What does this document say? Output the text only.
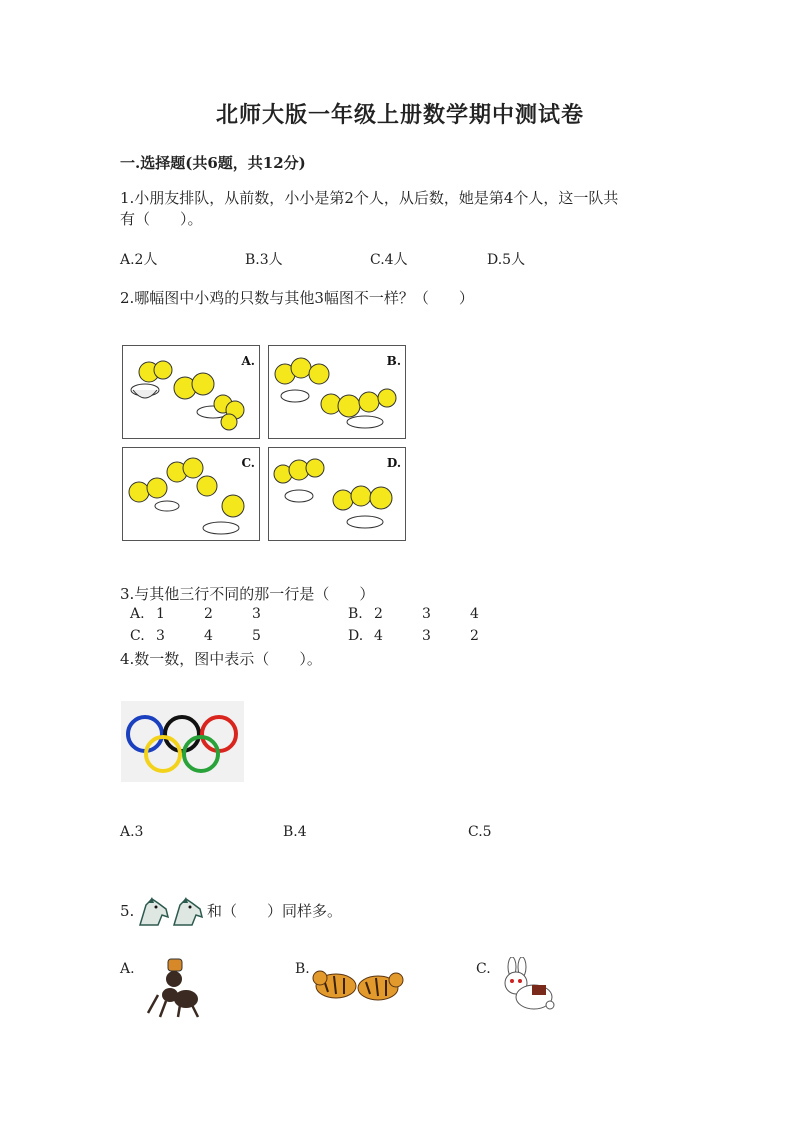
北师大版一年级上册数学期中测试卷
一.选择题(共6题，共12分)
1.小朋友排队，从前数，小小是第2个人，从后数，她是第4个人，这一队共
有（　　）。
A.2人	B.3人	C.4人	D.5人
2.哪幅图中小鸡的只数与其他3幅图不一样？（　　）
A.	B.
C.	D.
3.与其他三行不同的那一行是（　　）
A. 1	2	3	B. 2	3	4
C. 3	4	5	D. 4	3	2
4.数一数，图中表示（　　）。
A.3	B.4	C.5
5.	和（　　）同样多。
A.	B.	C.
